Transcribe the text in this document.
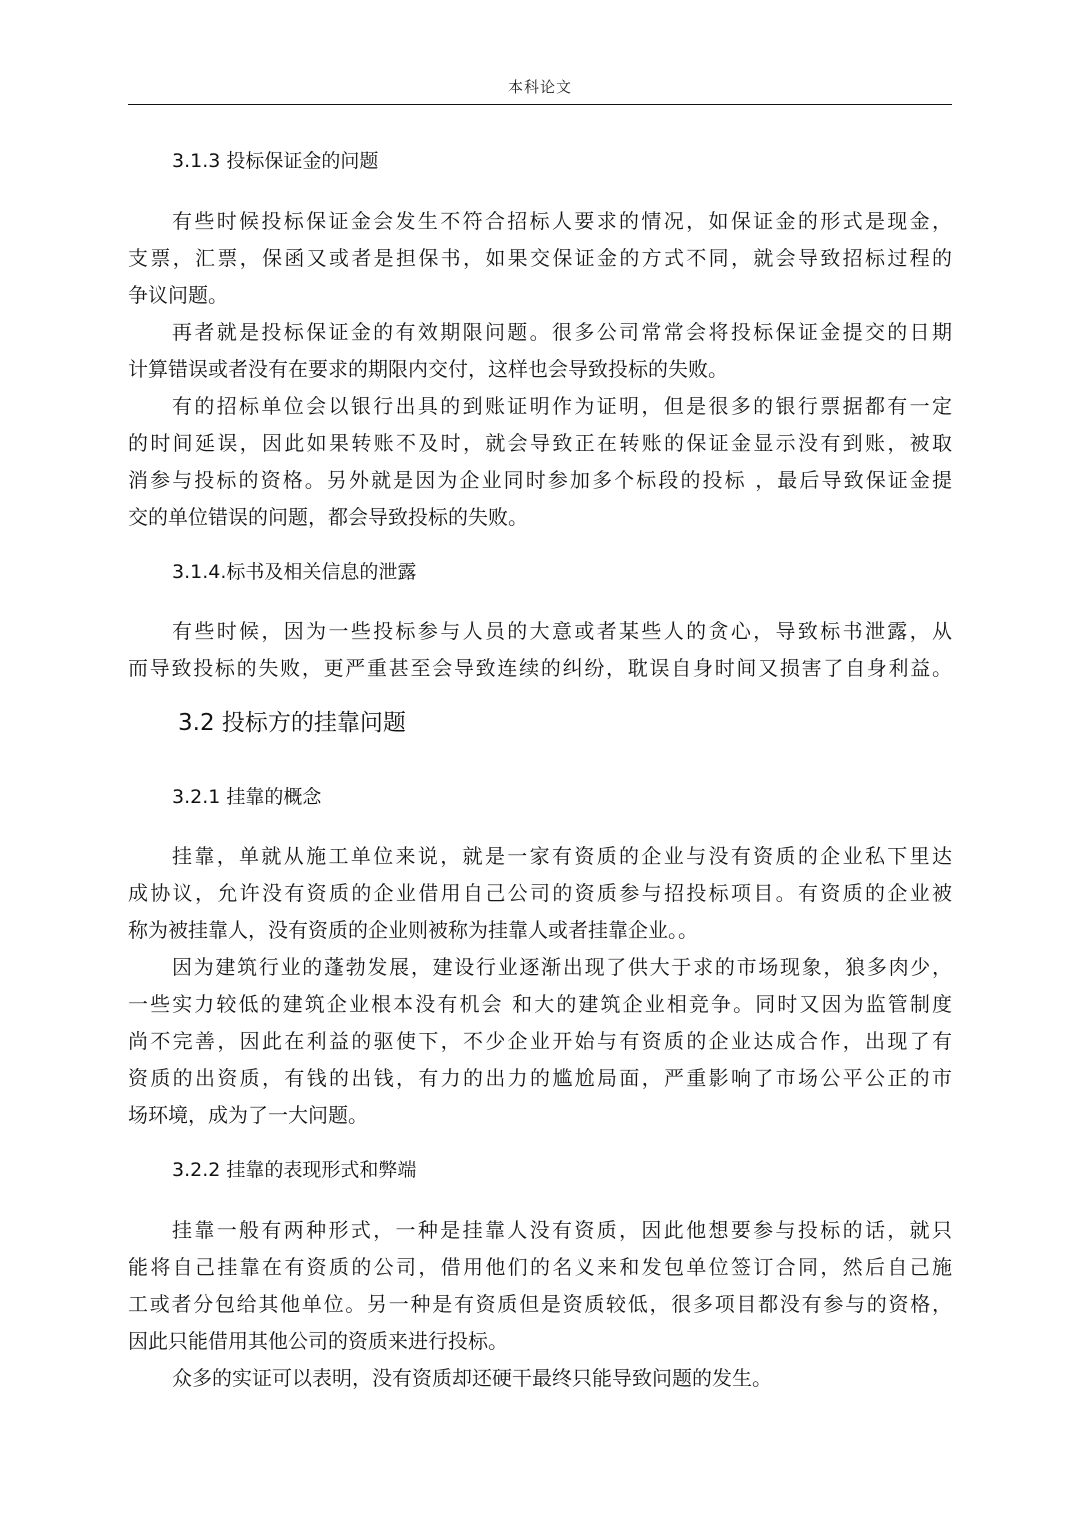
本科论文
3.1.3 投标保证金的问题
有些时候投标保证金会发生不符合招标人要求的情况，如保证金的形式是现金，
支票，汇票，保函又或者是担保书，如果交保证金的方式不同，就会导致招标过程的
争议问题。
再者就是投标保证金的有效期限问题。很多公司常常会将投标保证金提交的日期
计算错误或者没有在要求的期限内交付，这样也会导致投标的失败。
有的招标单位会以银行出具的到账证明作为证明，但是很多的银行票据都有一定
的时间延误，因此如果转账不及时，就会导致正在转账的保证金显示没有到账，被取
消参与投标的资格。另外就是因为企业同时参加多个标段的投标 ，最后导致保证金提
交的单位错误的问题，都会导致投标的失败。
3.1.4.标书及相关信息的泄露
有些时候，因为一些投标参与人员的大意或者某些人的贪心，导致标书泄露，从
而导致投标的失败，更严重甚至会导致连续的纠纷，耽误自身时间又损害了自身利益。
3.2 投标方的挂靠问题
3.2.1 挂靠的概念
挂靠，单就从施工单位来说，就是一家有资质的企业与没有资质的企业私下里达
成协议，允许没有资质的企业借用自己公司的资质参与招投标项目。有资质的企业被
称为被挂靠人，没有资质的企业则被称为挂靠人或者挂靠企业。。
因为建筑行业的蓬勃发展，建设行业逐渐出现了供大于求的市场现象，狼多肉少，
一些实力较低的建筑企业根本没有机会 和大的建筑企业相竞争。同时又因为监管制度
尚不完善，因此在利益的驱使下，不少企业开始与有资质的企业达成合作，出现了有
资质的出资质，有钱的出钱，有力的出力的尴尬局面，严重影响了市场公平公正的市
场环境，成为了一大问题。
3.2.2 挂靠的表现形式和弊端
挂靠一般有两种形式，一种是挂靠人没有资质，因此他想要参与投标的话，就只
能将自己挂靠在有资质的公司，借用他们的名义来和发包单位签订合同，然后自己施
工或者分包给其他单位。另一种是有资质但是资质较低，很多项目都没有参与的资格，
因此只能借用其他公司的资质来进行投标。
众多的实证可以表明，没有资质却还硬干最终只能导致问题的发生。
